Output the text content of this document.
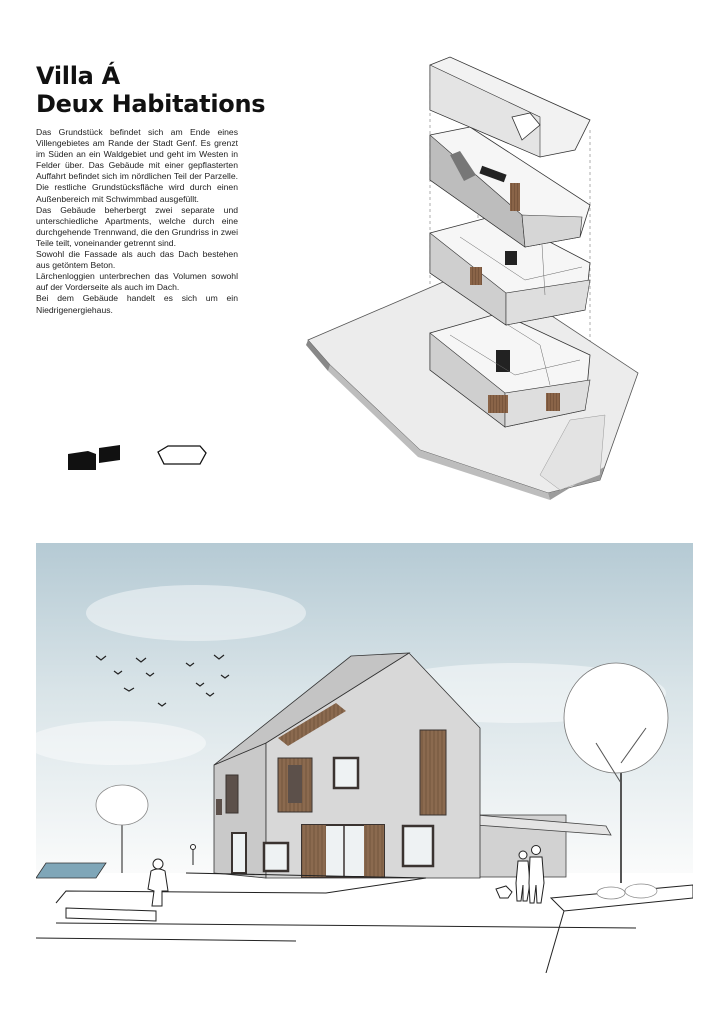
Villa Á
Deux Habitations

Das Grundstück befindet sich am Ende eines Villengebietes am Rande der Stadt Genf. Es grenzt im Süden an ein Waldgebiet und geht im Westen in Felder über. Das Gebäude mit einer gepflasterten Auffahrt befindet sich im nördlichen Teil der Parzelle. Die restliche Grundstücksfläche wird durch einen Außenbereich mit Schwimmbad ausgefüllt.

Das Gebäude beherbergt zwei separate und unterschiedliche Apartments, welche durch eine durchgehende Trennwand, die den Grundriss in zwei Teile teilt, voneinander getrennt sind.

Sowohl die Fassade als auch das Dach bestehen aus getöntem Beton.

Lärchenloggien unterbrechen das Volumen sowohl auf der Vorderseite als auch im Dach.

Bei dem Gebäude handelt es sich um ein Niedrigenergiehaus.
